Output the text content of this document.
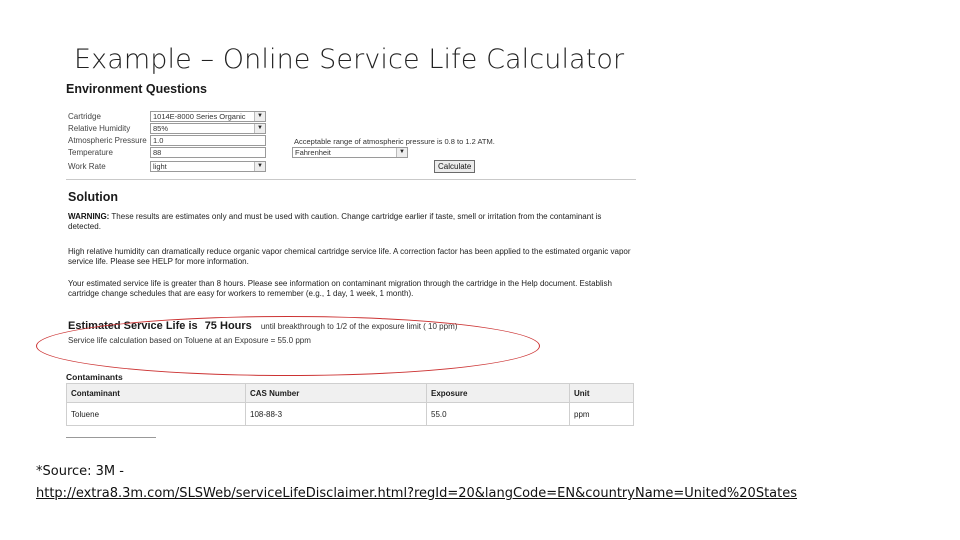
Example – Online Service Life Calculator
Environment Questions
Cartridge	1014E-8000 Series Organic	▼
Relative Humidity	85%	▼
Atmospheric Pressure 1.0	Acceptable range of atmospheric pressure is 0.8 to 1.2 ATM.
Temperature	88	Fahrenheit	▼
Work Rate	light	▼	Calculate
Solution
WARNING: These results are estimates only and must be used with caution. Change cartridge earlier if taste, smell or irritation from the contaminant is detected.
High relative humidity can dramatically reduce organic vapor chemical cartridge service life. A correction factor has been applied to the estimated organic vapor service life. Please see HELP for more information.
Your estimated service life is greater than 8 hours. Please see information on contaminant migration through the cartridge in the Help document. Establish cartridge change schedules that are easy for workers to remember (e.g., 1 day, 1 week, 1 month).
Estimated Service Life is 75 Hours until breakthrough to 1/2 of the exposure limit ( 10 ppm)
Service life calculation based on Toluene at an Exposure = 55.0 ppm
Contaminants
Contaminant	CAS Number	Exposure	Unit
Toluene	108-88-3	55.0	ppm
*Source: 3M -
http://extra8.3m.com/SLSWeb/serviceLifeDisclaimer.html?regId=20&langCode=EN&countryName=United%20States
